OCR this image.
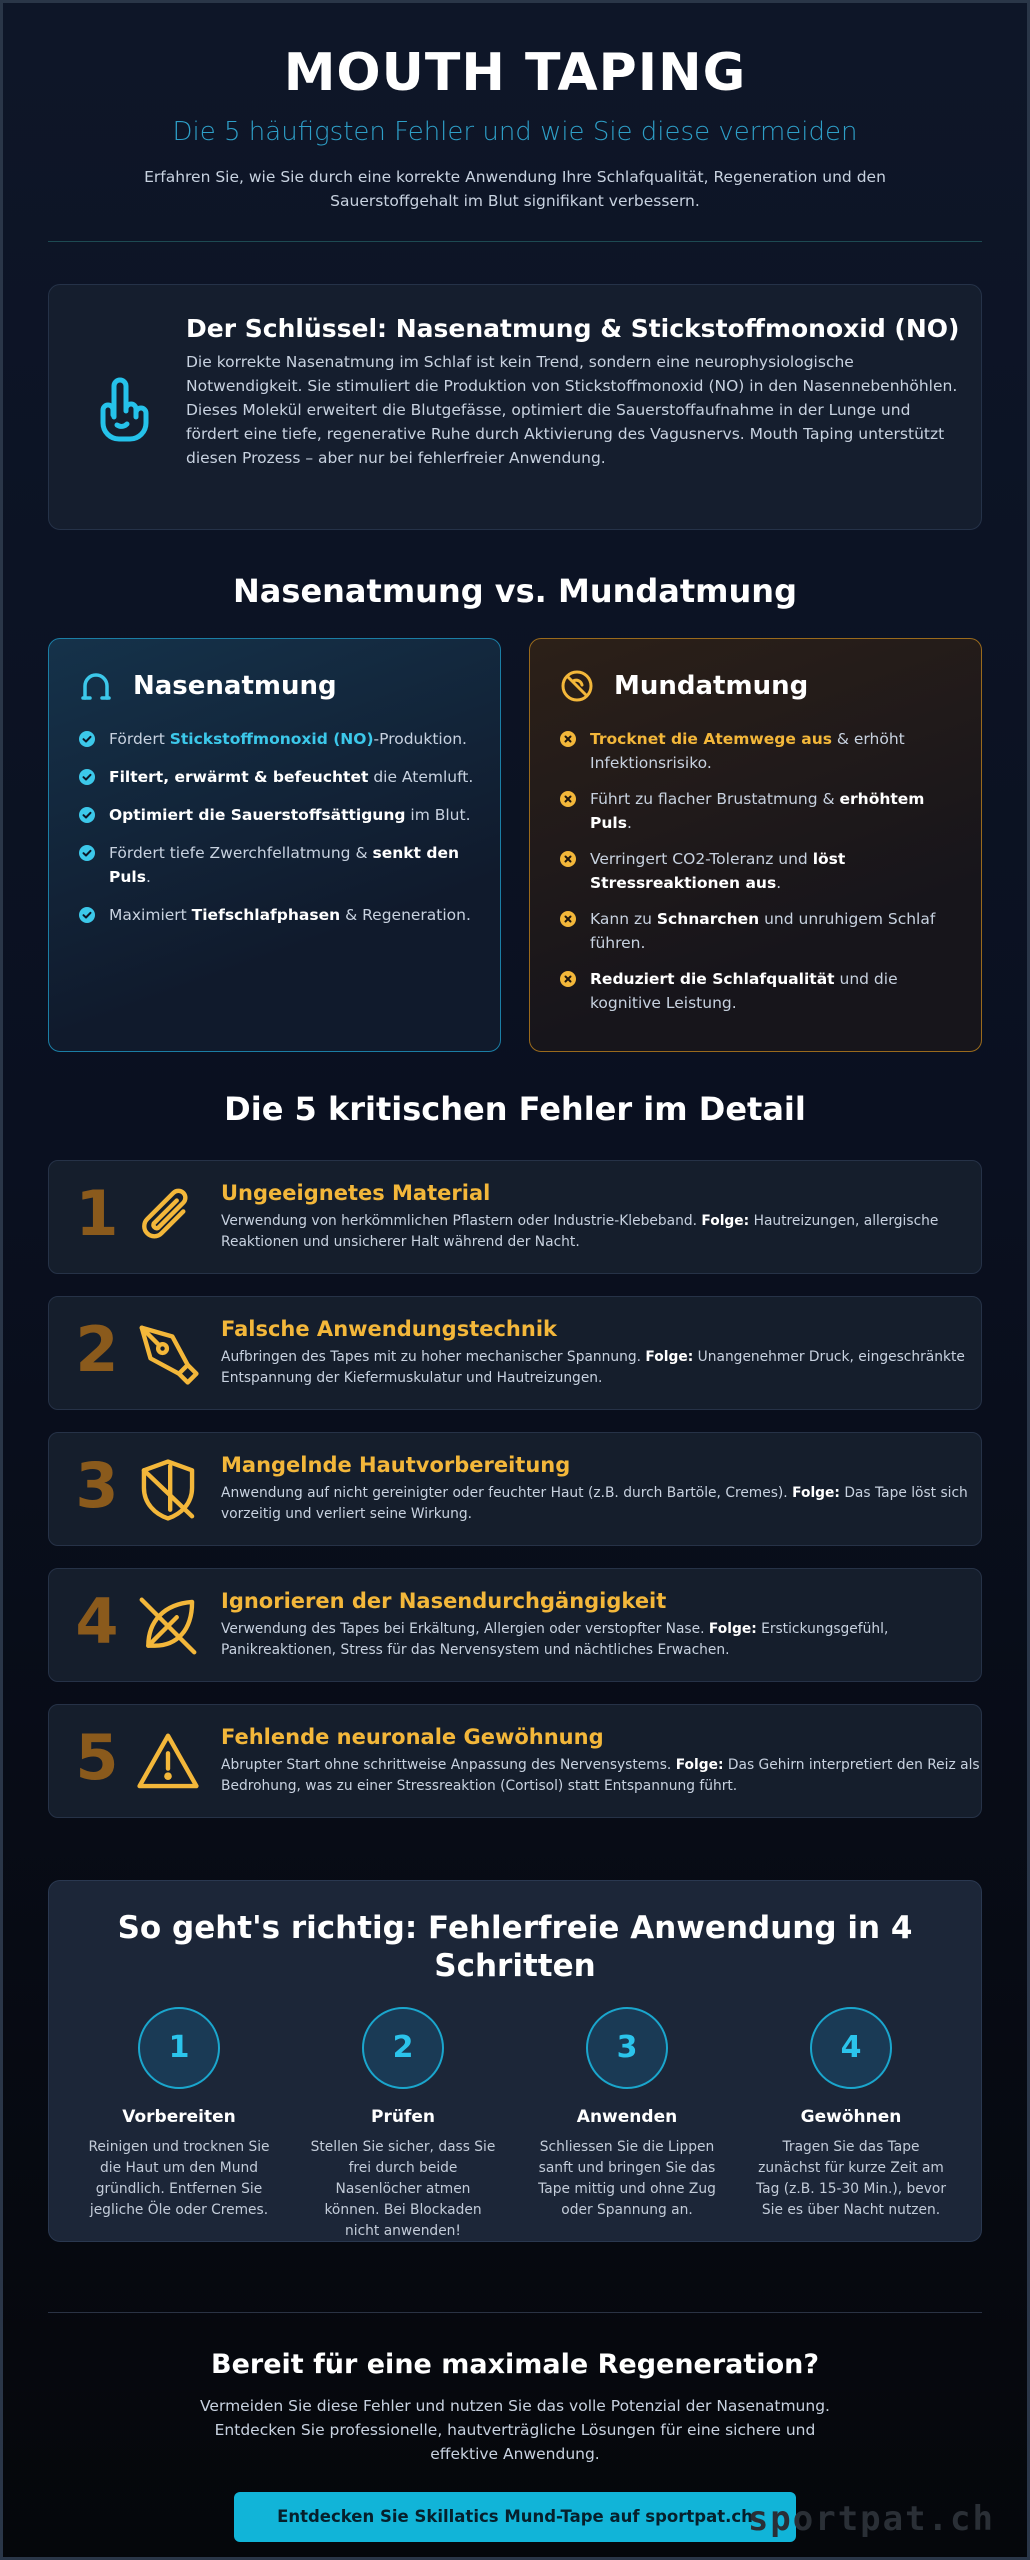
MOUTH TAPING
Die 5 häufigsten Fehler und wie Sie diese vermeiden

Erfahren Sie, wie Sie durch eine korrekte Anwendung Ihre Schlafqualität, Regeneration und den Sauerstoffgehalt im Blut signifikant verbessern.

Der Schlüssel: Nasenatmung & Stickstoffmonoxid (NO)

Die korrekte Nasenatmung im Schlaf ist kein Trend, sondern eine neurophysiologische Notwendigkeit. Sie stimuliert die Produktion von Stickstoffmonoxid (NO) in den Nasennebenhöhlen. Dieses Molekül erweitert die Blutgefässe, optimiert die Sauerstoffaufnahme in der Lunge und fördert eine tiefe, regenerative Ruhe durch Aktivierung des Vagusnervs. Mouth Taping unterstützt diesen Prozess – aber nur bei fehlerfreier Anwendung.

Nasenatmung vs. Mundatmung
Nasenatmung
Fördert Stickstoffmonoxid (NO)-Produktion.
Filtert, erwärmt & befeuchtet die Atemluft.
Optimiert die Sauerstoffsättigung im Blut.
Fördert tiefe Zwerchfellatmung & senkt den Puls.
Maximiert Tiefschlafphasen & Regeneration.
Mundatmung
Trocknet die Atemwege aus & erhöht Infektionsrisiko.
Führt zu flacher Brustatmung & erhöhtem Puls.
Verringert CO2-Toleranz und löst Stressreaktionen aus.
Kann zu Schnarchen und unruhigem Schlaf führen.
Reduziert die Schlafqualität und die kognitive Leistung.
Die 5 kritischen Fehler im Detail
1	Ungeeignetes Material

Verwendung von herkömmlichen Pflastern oder Industrie-Klebeband. Folge: Hautreizungen, allergische Reaktionen und unsicherer Halt während der Nacht.

2	Falsche Anwendungstechnik

Aufbringen des Tapes mit zu hoher mechanischer Spannung. Folge: Unangenehmer Druck, eingeschränkte Entspannung der Kiefermuskulatur und Hautreizungen.

3	Mangelnde Hautvorbereitung

Anwendung auf nicht gereinigter oder feuchter Haut (z.B. durch Bartöle, Cremes). Folge: Das Tape löst sich vorzeitig und verliert seine Wirkung.

4	Ignorieren der Nasendurchgängigkeit

Verwendung des Tapes bei Erkältung, Allergien oder verstopfter Nase. Folge: Erstickungsgefühl, Panikreaktionen, Stress für das Nervensystem und nächtliches Erwachen.

5	Fehlende neuronale Gewöhnung

Abrupter Start ohne schrittweise Anpassung des Nervensystems. Folge: Das Gehirn interpretiert den Reiz als Bedrohung, was zu einer Stressreaktion (Cortisol) statt Entspannung führt.

So geht's richtig: Fehlerfreie Anwendung in 4 Schritten
1
Vorbereiten

Reinigen und trocknen Sie die Haut um den Mund gründlich. Entfernen Sie jegliche Öle oder Cremes.

2
Prüfen

Stellen Sie sicher, dass Sie frei durch beide Nasenlöcher atmen können. Bei Blockaden nicht anwenden!

3
Anwenden

Schliessen Sie die Lippen sanft und bringen Sie das Tape mittig und ohne Zug oder Spannung an.

4
Gewöhnen

Tragen Sie das Tape zunächst für kurze Zeit am Tag (z.B. 15-30 Min.), bevor Sie es über Nacht nutzen.

Bereit für eine maximale Regeneration?

Vermeiden Sie diese Fehler und nutzen Sie das volle Potenzial der Nasenatmung. Entdecken Sie professionelle, hautverträgliche Lösungen für eine sichere und effektive Anwendung.

Entdecken Sie Skillatics Mund-Tape auf sportpat.ch
sportpat.ch
